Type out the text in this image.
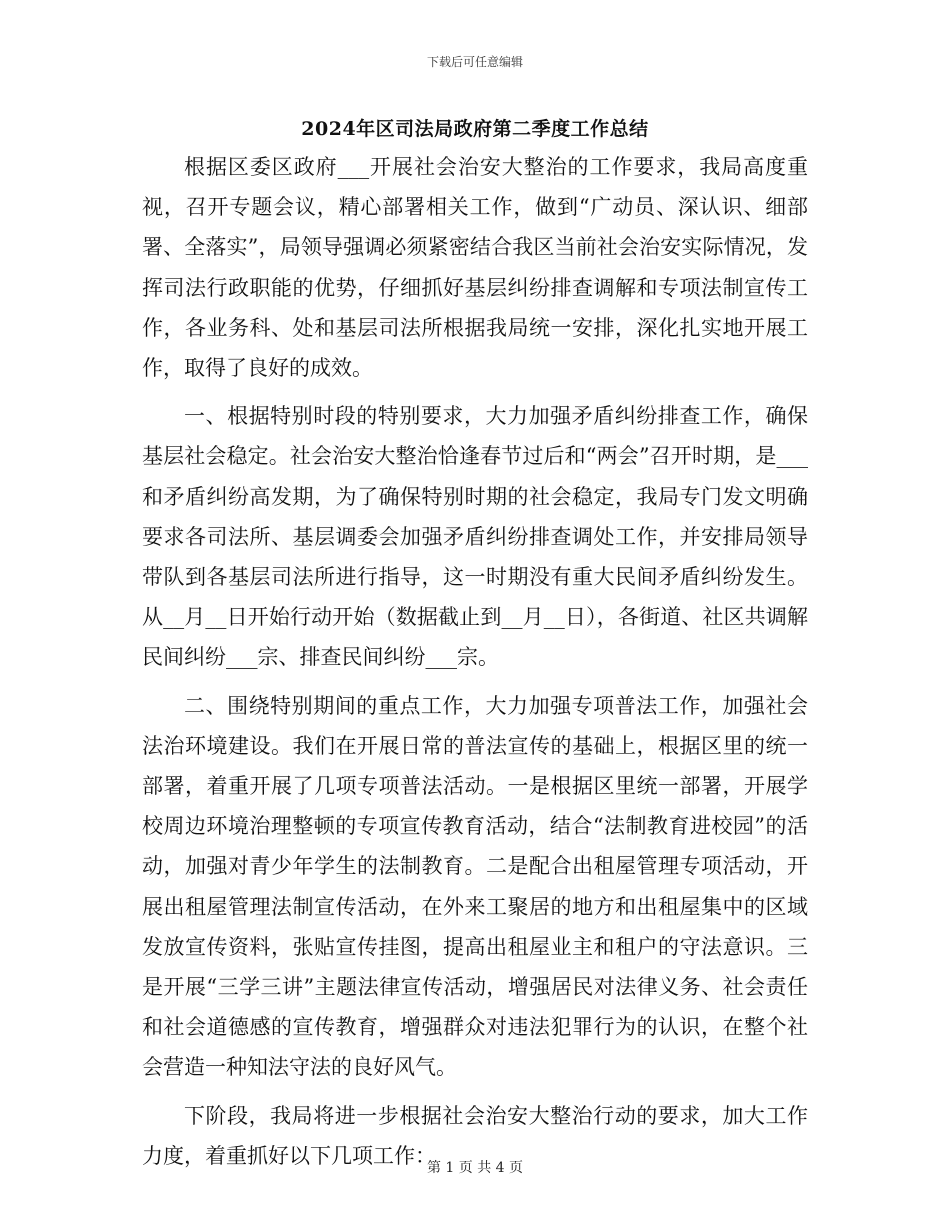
下载后可任意编辑
2024年区司法局政府第二季度工作总结

根据区委区政府___开展社会治安大整治的工作要求，我局高度重视，召开专题会议，精心部署相关工作，做到“广动员、深认识、细部署、全落实”，局领导强调必须紧密结合我区当前社会治安实际情况，发挥司法行政职能的优势，仔细抓好基层纠纷排查调解和专项法制宣传工作，各业务科、处和基层司法所根据我局统一安排，深化扎实地开展工作，取得了良好的成效。

一、根据特别时段的特别要求，大力加强矛盾纠纷排查工作，确保基层社会稳定。社会治安大整治恰逢春节过后和“两会”召开时期，是___和矛盾纠纷高发期，为了确保特别时期的社会稳定，我局专门发文明确要求各司法所、基层调委会加强矛盾纠纷排查调处工作，并安排局领导带队到各基层司法所进行指导，这一时期没有重大民间矛盾纠纷发生。从__月__日开始行动开始（数据截止到__月__日），各街道、社区共调解民间纠纷___宗、排查民间纠纷___宗。

二、围绕特别期间的重点工作，大力加强专项普法工作，加强社会法治环境建设。我们在开展日常的普法宣传的基础上，根据区里的统一部署，着重开展了几项专项普法活动。一是根据区里统一部署，开展学校周边环境治理整顿的专项宣传教育活动，结合“法制教育进校园”的活动，加强对青少年学生的法制教育。二是配合出租屋管理专项活动，开展出租屋管理法制宣传活动，在外来工聚居的地方和出租屋集中的区域发放宣传资料，张贴宣传挂图，提高出租屋业主和租户的守法意识。三是开展“三学三讲”主题法律宣传活动，增强居民对法律义务、社会责任和社会道德感的宣传教育，增强群众对违法犯罪行为的认识，在整个社会营造一种知法守法的良好风气。

下阶段，我局将进一步根据社会治安大整治行动的要求，加大工作力度，着重抓好以下几项工作：

第 1 页 共 4 页
